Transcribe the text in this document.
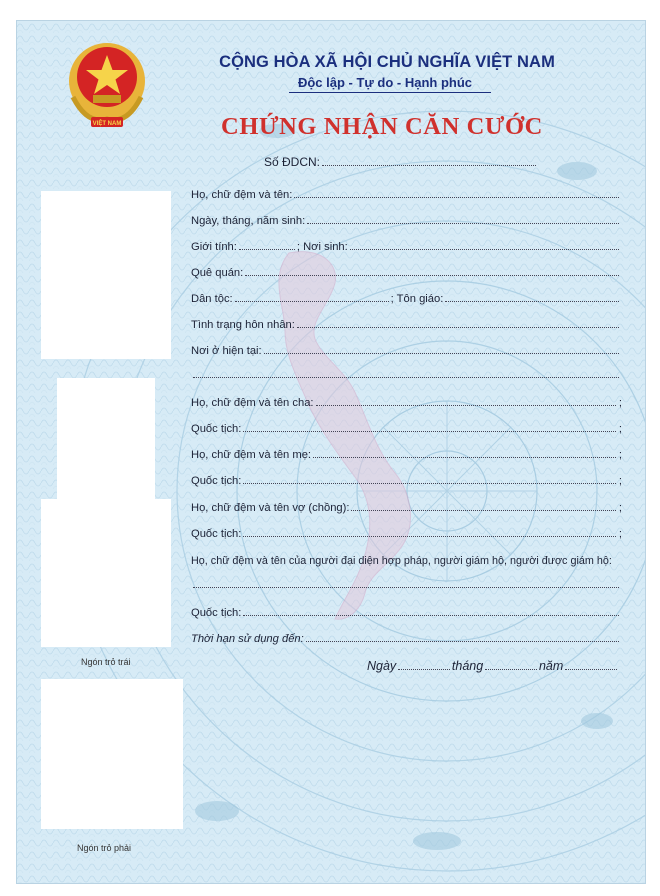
VIỆT NAM
CỘNG HÒA XÃ HỘI CHỦ NGHĨA VIỆT NAM
Độc lập - Tự do - Hạnh phúc
CHỨNG NHẬN CĂN CƯỚC
Ngón trỏ trái
Ngón trỏ phải
Số ĐDCN:
Họ, chữ đệm và tên:
Ngày, tháng, năm sinh:
Giới tính:	; Nơi sinh:
Quê quán:
Dân tộc:	; Tôn giáo:
Tình trạng hôn nhân:
Nơi ở hiện tại:
Họ, chữ đệm và tên cha:	;
Quốc tịch:	;
Họ, chữ đệm và tên mẹ:	;
Quốc tịch:	;
Họ, chữ đệm và tên vợ (chồng):	;
Quốc tịch:	;
Họ, chữ đệm và tên của người đại diện hợp pháp, người giám hộ, người được giám hộ:
Quốc tịch:
Thời hạn sử dụng đến:
Ngày	tháng	năm
